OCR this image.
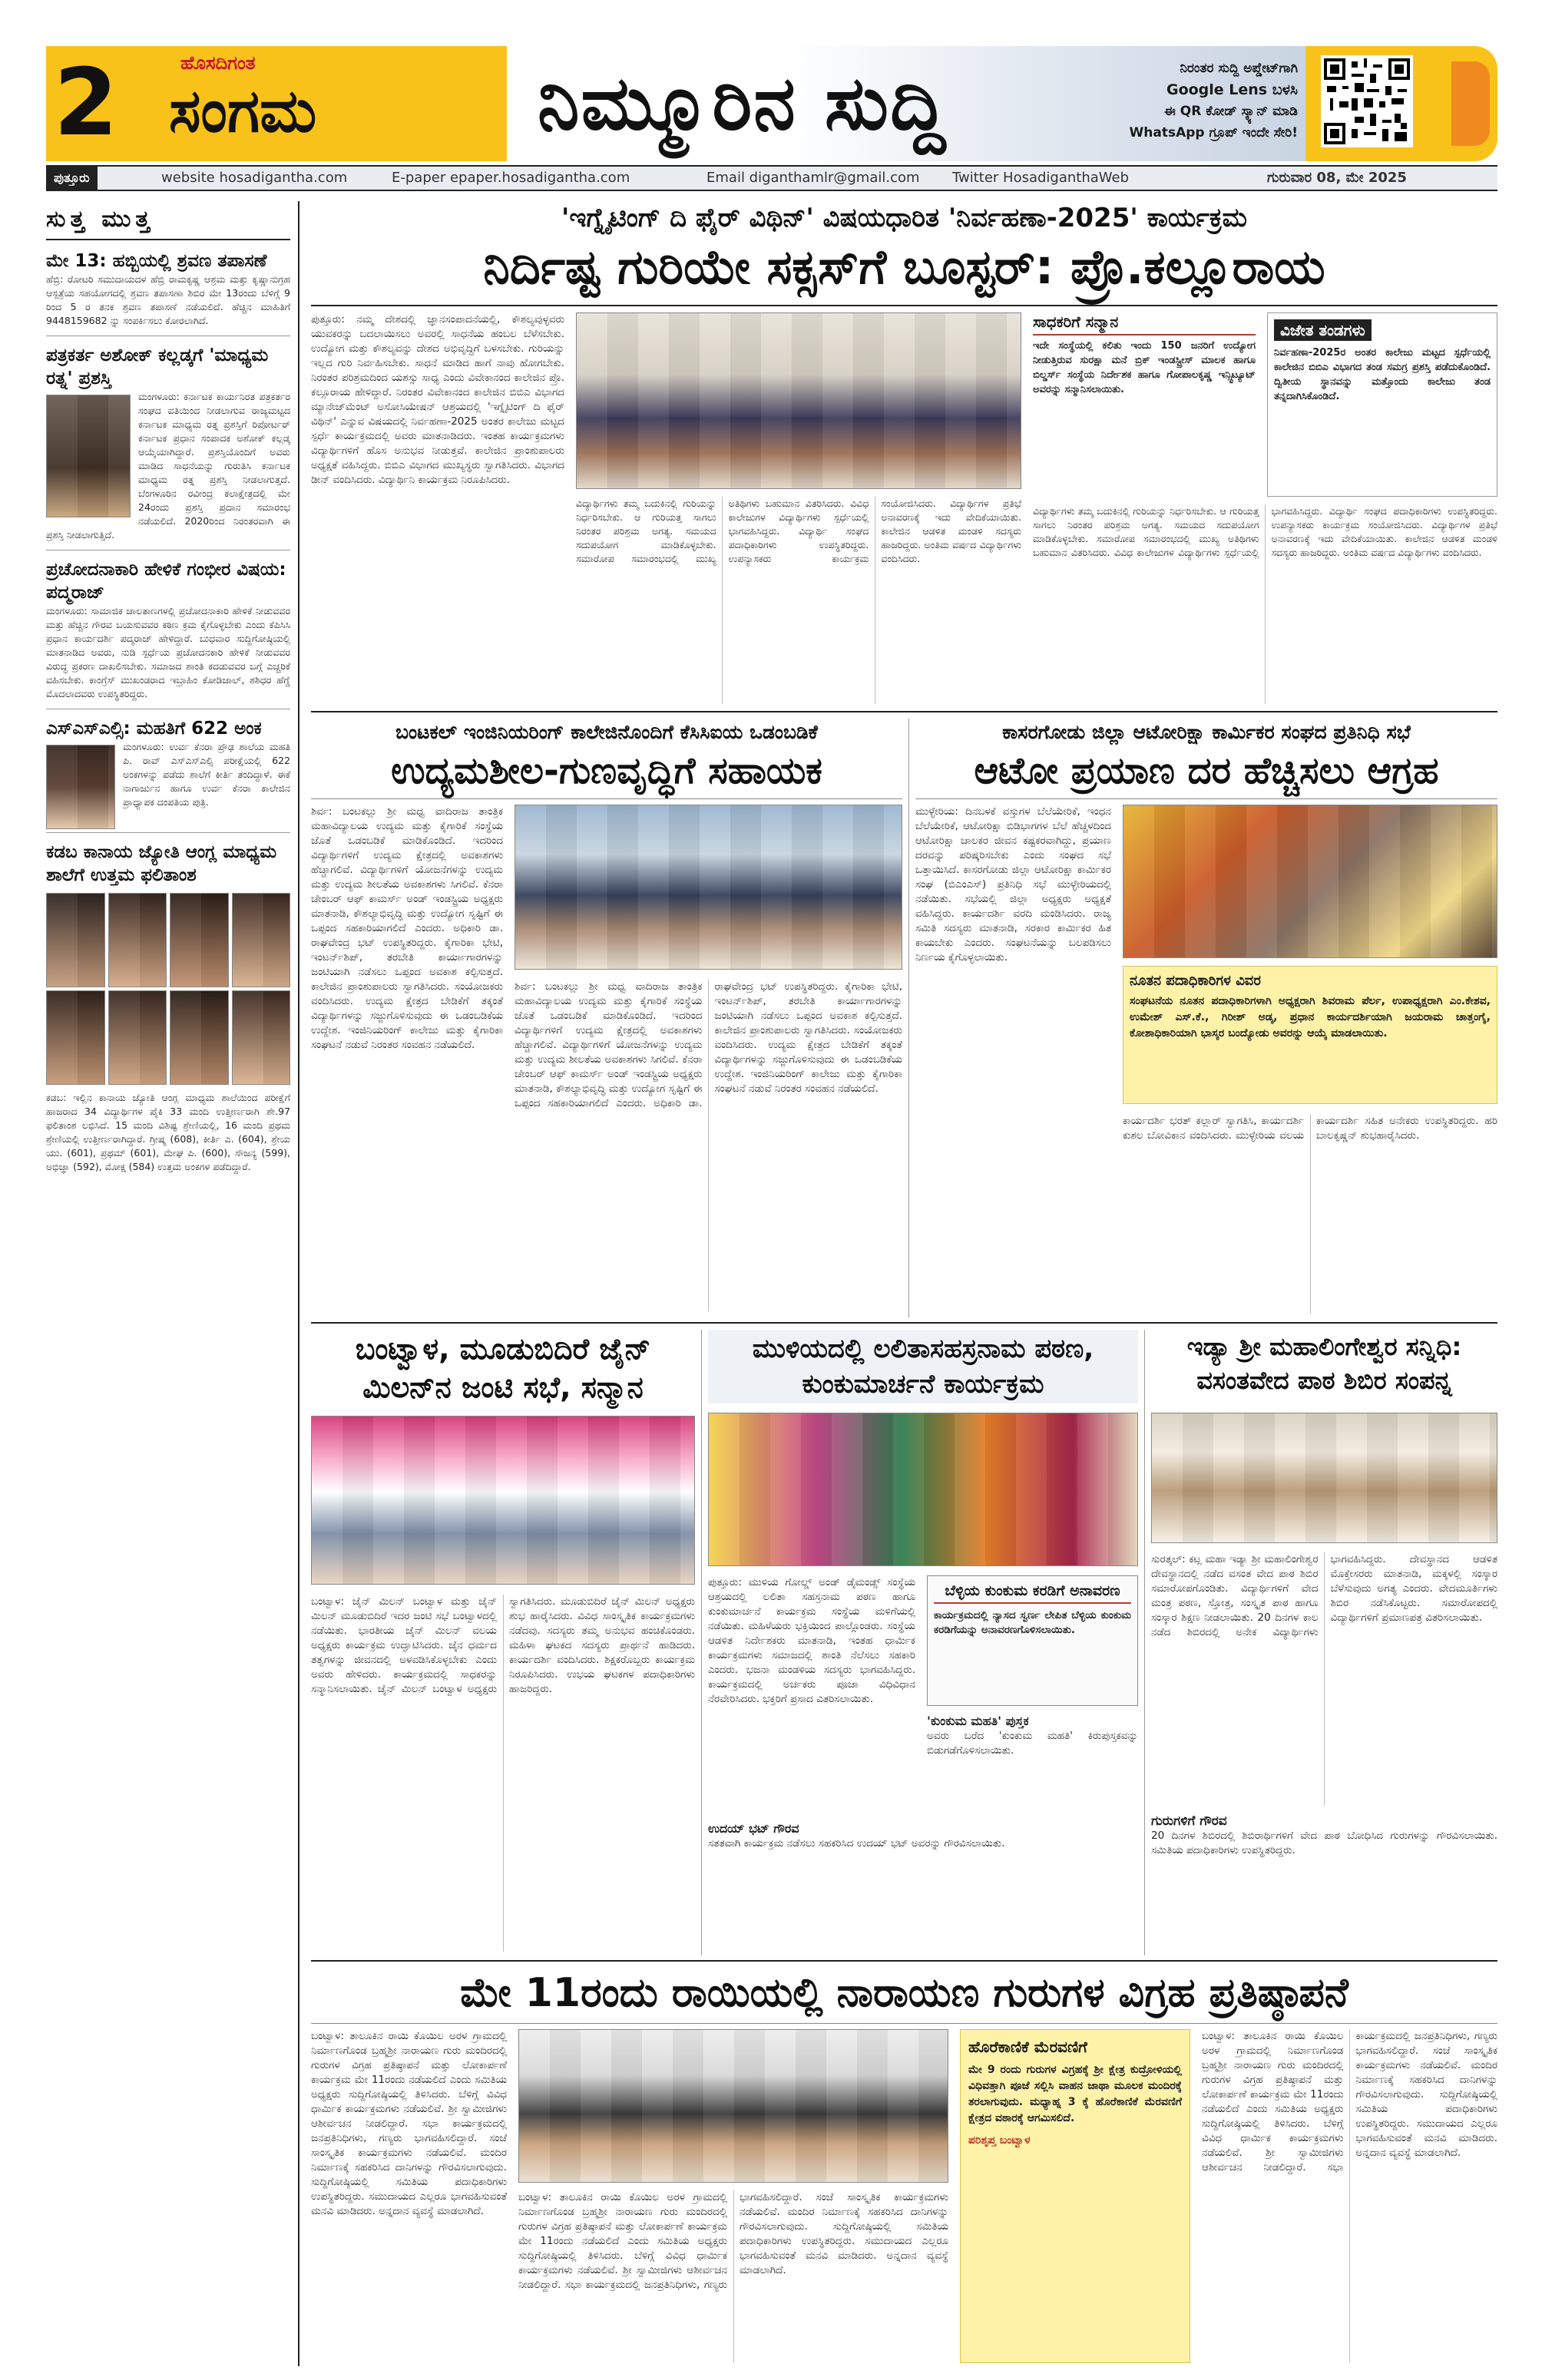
2	ಹೊಸದಿಗಂತ
ಸಂಗಮ	ನಿಮ್ಮೂರಿನ ಸುದ್ದಿ	ನಿರಂತರ ಸುದ್ದಿ ಅಪ್ಡೇಟ್‌ಗಾಗಿ
Google Lens ಬಳಸಿ
ಈ QR ಕೋಡ್ ಸ್ಕ್ಯಾನ್ ಮಾಡಿ
WhatsApp ಗ್ರೂಪ್ ಇಂದೇ ಸೇರಿ!
ಪುತ್ತೂರು	website hosadigantha.com	E-paper epaper.hosadigantha.com	Email diganthamlr@gmail.com Twitter HosadiganthaWeb	ಗುರುವಾರ 08, ಮೇ 2025
ಸುತ್ತ ಮುತ್ತ
ಮೇ 13: ಹಬ್ಬಿಯಲ್ಲಿ ಶ್ರವಣ ತಪಾಸಣೆ

ಹೆಬ್ರಿ: ರೋಟರಿ ಸಮುದಾಯದಳ ಹೆಬ್ರಿ ರಾಮಕೃಷ್ಣ ಆಶ್ರಮ ಮತ್ತು ಕೃಷ್ಣಾನುಗ್ರಹ ಆಸ್ಪತ್ರೆಯ ಸಹಯೋಗದಲ್ಲಿ ಶ್ರವಣ ತಪಾಸಣಾ ಶಿಬಿರ ಮೇ 13ರಂದು ಬೆಳಿಗ್ಗೆ 9 ರಿಂದ 5 ರ ತನಕ ಶ್ರವಣ ತಪಾಸಣೆ ನಡೆಯಲಿದೆ. ಹೆಚ್ಚಿನ ಮಾಹಿತಿಗೆ 9448159682 ನ್ನು ಸಂಪರ್ಕಿಸಲು ಕೋರಲಾಗಿದೆ.

ಪತ್ರಕರ್ತ ಅಶೋಕ್ ಕಲ್ಲಡ್ಕಗೆ 'ಮಾಧ್ಯಮ ರತ್ನ' ಪ್ರಶಸ್ತಿ

ಮಂಗಳೂರು: ಕರ್ನಾಟಕ ಕಾರ್ಯನಿರತ ಪತ್ರಕರ್ತರ ಸಂಘದ ವತಿಯಿಂದ ನೀಡಲಾಗುವ ರಾಜ್ಯಮಟ್ಟದ ಕರ್ನಾಟಕ ಮಾಧ್ಯಮ ರತ್ನ ಪ್ರಶಸ್ತಿಗೆ ರಿಪೋರ್ಟರ್ ಕರ್ನಾಟಕ ಪ್ರಧಾನ ಸಂಪಾದಕ ಅಶೋಕ್ ಕಲ್ಲಡ್ಕ ಆಯ್ಕೆಯಾಗಿದ್ದಾರೆ. ಪ್ರಶಸ್ತಿಯೊಂದಿಗೆ ಅವರು ಮಾಡಿದ ಸಾಧನೆಯನ್ನು ಗುರುತಿಸಿ ಕರ್ನಾಟಕ ಮಾಧ್ಯಮ ರತ್ನ ಪ್ರಶಸ್ತಿ ನೀಡಲಾಗುತ್ತದೆ. ಬೆಂಗಳೂರಿನ ರವೀಂದ್ರ ಕಲಾಕ್ಷೇತ್ರದಲ್ಲಿ ಮೇ 24ರಂದು ಪ್ರಶಸ್ತಿ ಪ್ರದಾನ ಸಮಾರಂಭ ನಡೆಯಲಿದೆ. 2020ರಿಂದ ನಿರಂತರವಾಗಿ ಈ ಪ್ರಶಸ್ತಿ ನೀಡಲಾಗುತ್ತಿದೆ.

ಪ್ರಚೋದನಾಕಾರಿ ಹೇಳಿಕೆ ಗಂಭೀರ ವಿಷಯ: ಪದ್ಮರಾಜ್

ಮಂಗಳೂರು: ಸಾಮಾಜಿಕ ಜಾಲತಾಣಗಳಲ್ಲಿ ಪ್ರಚೋದನಾಕಾರಿ ಹೇಳಿಕೆ ನೀಡುವವರ ಮತ್ತು ಹೆಚ್ಚಿನ ಗೌರವ ಬಯಸುವವರ ಕಠಿಣ ಕ್ರಮ ಕೈಗೊಳ್ಳಬೇಕು ಎಂದು ಕೆಪಿಸಿಸಿ ಪ್ರಧಾನ ಕಾರ್ಯದರ್ಶಿ ಪದ್ಮರಾಜ್ ಹೇಳಿದ್ದಾರೆ. ಬುಧವಾರ ಸುದ್ದಿಗೋಷ್ಠಿಯಲ್ಲಿ ಮಾತನಾಡಿದ ಅವರು, ನುಡಿ ಸ್ಪರ್ಧೆಯ ಪ್ರಚೋದನಕಾರಿ ಹೇಳಿಕೆ ನೀಡುವವರ ವಿರುದ್ಧ ಪ್ರಕರಣ ದಾಖಲಿಸಬೇಕು. ಸಮಾಜದ ಶಾಂತಿ ಕದಡುವವರ ಬಗ್ಗೆ ಎಚ್ಚರಿಕೆ ವಹಿಸಬೇಕು. ಕಾಂಗ್ರೆಸ್ ಮುಖಂಡರಾದ ಇಬ್ರಾಹಿಂ ಕೋಡಿಜಾಲ್, ಶಶಿಧರ ಹೆಗ್ಡೆ ಮೊದಲಾದವರು ಉಪಸ್ಥಿತರಿದ್ದರು.

ಎಸ್ಎಸ್ಎಲ್ಸಿ: ಮಹತಿಗೆ 622 ಅಂಕ

ಮಂಗಳೂರು: ಉರ್ವ ಕೆನರಾ ಪ್ರೌಢ ಶಾಲೆಯ ಮಹತಿ ಪಿ. ರಾವ್ ಎಸ್ಎಸ್ಎಲ್ಸಿ ಪರೀಕ್ಷೆಯಲ್ಲಿ 622 ಅಂಕಗಳನ್ನು ಪಡೆದು ಶಾಲೆಗೆ ಕೀರ್ತಿ ತಂದಿದ್ದಾಳೆ. ಈಕೆ ನಾಗಾರ್ಜುನ ಹಾಗೂ ಉರ್ವ ಕೆನರಾ ಕಾಲೇಜಿನ ಪ್ರಾಧ್ಯಾಪಕ ದಂಪತಿಯ ಪುತ್ರಿ.

ಕಡಬ ಕಾನಾಯ ಜ್ಯೋತಿ ಆಂಗ್ಲ ಮಾಧ್ಯಮ ಶಾಲೆಗೆ ಉತ್ತಮ ಫಲಿತಾಂಶ

ಕಡಬ: ಇಲ್ಲಿನ ಕಾನಾಯ ಜ್ಯೋತಿ ಆಂಗ್ಲ ಮಾಧ್ಯಮ ಶಾಲೆಯಿಂದ ಪರೀಕ್ಷೆಗೆ ಹಾಜರಾದ 34 ವಿದ್ಯಾರ್ಥಿಗಳ ಪೈಕಿ 33 ಮಂದಿ ಉತ್ತೀರ್ಣರಾಗಿ ಶೇ.97 ಫಲಿತಾಂಶ ಲಭಿಸಿದೆ. 15 ಮಂದಿ ವಿಶಿಷ್ಟ ಶ್ರೇಣಿಯಲ್ಲಿ, 16 ಮಂದಿ ಪ್ರಥಮ ಶ್ರೇಣಿಯಲ್ಲಿ ಉತ್ತೀರ್ಣರಾಗಿದ್ದಾರೆ. ಗ್ರೀಷ್ಮ (608), ಕೀರ್ತಿ ಎ. (604), ಶ್ರೇಯ ಯು. (601), ಪ್ರಥಮ್ (601), ಮೇಘ ಪಿ. (600), ಸೌಜನ್ಯ (599), ಅಭಿಜ್ಞಾ (592), ಮೋಕ್ಷ (584) ಉತ್ತಮ ಅಂಕಗಳ ಪಡೆದಿದ್ದಾರೆ.

'ಇಗ್ನೈಟಿಂಗ್ ದಿ ಫೈರ್ ವಿಥಿನ್' ವಿಷಯಧಾರಿತ 'ನಿರ್ವಹಣಾ-2025' ಕಾರ್ಯಕ್ರಮ
ನಿರ್ದಿಷ್ಟ ಗುರಿಯೇ ಸಕ್ಸಸ್‌ಗೆ ಬೂಸ್ಟರ್: ಪ್ರೊ.ಕಲ್ಲೂರಾಯ

ಪುತ್ತೂರು: ನಮ್ಮ ದೇಶದಲ್ಲಿ ಜ್ಞಾನಸಂಪಾದನೆಯಲ್ಲಿ, ಕೌಶಲ್ಯವುಳ್ಳವರು ಯುವಕರನ್ನು ಬದಲಾಯಿಸಲು ಅವರಲ್ಲಿ ಸಾಧನೆಯ ಹಂಬಲ ಬೆಳೆಸಬೇಕು. ಉದ್ಯೋಗ ಮತ್ತು ಕೌಶಲ್ಯವನ್ನು ದೇಶದ ಅಭಿವೃದ್ಧಿಗೆ ಬಳಸಬೇಕು. ಗುರಿಯನ್ನು ಇಲ್ಲದ ಗುರಿ ನಿರ್ವಹಿಸಬೇಕು. ಸಾಧನೆ ಮಾಡಿದ ಹಾಗೆ ನಾವು ಹೋಗಬೇಕು. ನಿರಂತರ ಪರಿಶ್ರಮದಿಂದ ಯಶಸ್ಸು ಸಾಧ್ಯ ಎಂದು ವಿವೇಕಾನಂದ ಕಾಲೇಜಿನ ಪ್ರೊ. ಕಲ್ಲೂರಾಯ ಹೇಳಿದ್ದಾರೆ. ನಿರಂತರ ವಿವೇಕಾನಂದ ಕಾಲೇಜಿನ ಬಿಬಿಎ ವಿಭಾಗದ ಮ್ಯಾನೇಜ್‌ಮೆಂಟ್ ಅಸೋಸಿಯೇಷನ್ ಆಶ್ರಯದಲ್ಲಿ 'ಇಗ್ನೈಟಿಂಗ್ ದಿ ಫೈರ್ ವಿಥಿನ್' ಎನ್ನುವ ವಿಷಯದಲ್ಲಿ ನಿರ್ವಹಣಾ-2025 ಅಂತರ ಕಾಲೇಜು ಮಟ್ಟದ ಸ್ಪರ್ಧೆ ಕಾರ್ಯಕ್ರಮದಲ್ಲಿ ಅವರು ಮಾತನಾಡಿದರು. ಇಂತಹ ಕಾರ್ಯಕ್ರಮಗಳು ವಿದ್ಯಾರ್ಥಿಗಳಿಗೆ ಹೊಸ ಅನುಭವ ನೀಡುತ್ತವೆ. ಕಾಲೇಜಿನ ಪ್ರಾಂಶುಪಾಲರು ಅಧ್ಯಕ್ಷತೆ ವಹಿಸಿದ್ದರು. ಬಿಬಿಎ ವಿಭಾಗದ ಮುಖ್ಯಸ್ಥರು ಸ್ವಾಗತಿಸಿದರು. ವಿಭಾಗದ ಡೀನ್ ವಂದಿಸಿದರು. ವಿದ್ಯಾರ್ಥಿನಿ ಕಾರ್ಯಕ್ರಮ ನಿರೂಪಿಸಿದರು.

ವಿದ್ಯಾರ್ಥಿಗಳು ತಮ್ಮ ಬದುಕಿನಲ್ಲಿ ಗುರಿಯನ್ನು ನಿರ್ಧರಿಸಬೇಕು. ಆ ಗುರಿಯತ್ತ ಸಾಗಲು ನಿರಂತರ ಪರಿಶ್ರಮ ಅಗತ್ಯ. ಸಮಯದ ಸದುಪಯೋಗ ಮಾಡಿಕೊಳ್ಳಬೇಕು. ಸಮಾರೋಪ ಸಮಾರಂಭದಲ್ಲಿ ಮುಖ್ಯ ಅತಿಥಿಗಳು ಬಹುಮಾನ ವಿತರಿಸಿದರು. ವಿವಿಧ ಕಾಲೇಜುಗಳ ವಿದ್ಯಾರ್ಥಿಗಳು ಸ್ಪರ್ಧೆಯಲ್ಲಿ ಭಾಗವಹಿಸಿದ್ದರು. ವಿದ್ಯಾರ್ಥಿ ಸಂಘದ ಪದಾಧಿಕಾರಿಗಳು ಉಪಸ್ಥಿತರಿದ್ದರು. ಉಪನ್ಯಾಸಕರು ಕಾರ್ಯಕ್ರಮ ಸಂಯೋಜಿಸಿದರು. ವಿದ್ಯಾರ್ಥಿಗಳ ಪ್ರತಿಭೆ ಅನಾವರಣಕ್ಕೆ ಇದು ವೇದಿಕೆಯಾಯಿತು. ಕಾಲೇಜಿನ ಆಡಳಿತ ಮಂಡಳಿ ಸದಸ್ಯರು ಹಾಜರಿದ್ದರು. ಅಂತಿಮ ವರ್ಷದ ವಿದ್ಯಾರ್ಥಿಗಳು ವಂದಿಸಿದರು.

ಸಾಧಕರಿಗೆ ಸನ್ಮಾನ

ಇದೇ ಸಂಸ್ಥೆಯಲ್ಲಿ ಕಲಿತು ಇಂದು 150 ಜನರಿಗೆ ಉದ್ಯೋಗ ನೀಡುತ್ತಿರುವ ಸುರಕ್ಷಾ ಮನೆ ಬ್ರಿಕ್ ಇಂಡಸ್ಟ್ರೀಸ್ ಮಾಲಕ ಹಾಗೂ ಬಿಲ್ಡರ್ಸ್ ಸಂಸ್ಥೆಯ ನಿರ್ದೇಶಕ ಹಾಗೂ ಗೋಪಾಲಕೃಷ್ಣ ಇನ್ಸ್ಟಿಟ್ಯೂಟ್ ಅವರನ್ನು ಸನ್ಮಾನಿಸಲಾಯಿತು.

ವಿಜೇತ ತಂಡಗಳು

ನಿರ್ವಹಣಾ-2025ರ ಅಂತರ ಕಾಲೇಜು ಮಟ್ಟದ ಸ್ಪರ್ಧೆಯಲ್ಲಿ ಕಾಲೇಜಿನ ಬಿಬಿಎ ವಿಭಾಗದ ತಂಡ ಸಮಗ್ರ ಪ್ರಶಸ್ತಿ ಪಡೆದುಕೊಂಡಿದೆ. ದ್ವಿತೀಯ ಸ್ಥಾನವನ್ನು ಮತ್ತೊಂದು ಕಾಲೇಜು ತಂಡ ತನ್ನದಾಗಿಸಿಕೊಂಡಿದೆ.

ವಿದ್ಯಾರ್ಥಿಗಳು ತಮ್ಮ ಬದುಕಿನಲ್ಲಿ ಗುರಿಯನ್ನು ನಿರ್ಧರಿಸಬೇಕು. ಆ ಗುರಿಯತ್ತ ಸಾಗಲು ನಿರಂತರ ಪರಿಶ್ರಮ ಅಗತ್ಯ. ಸಮಯದ ಸದುಪಯೋಗ ಮಾಡಿಕೊಳ್ಳಬೇಕು. ಸಮಾರೋಪ ಸಮಾರಂಭದಲ್ಲಿ ಮುಖ್ಯ ಅತಿಥಿಗಳು ಬಹುಮಾನ ವಿತರಿಸಿದರು. ವಿವಿಧ ಕಾಲೇಜುಗಳ ವಿದ್ಯಾರ್ಥಿಗಳು ಸ್ಪರ್ಧೆಯಲ್ಲಿ ಭಾಗವಹಿಸಿದ್ದರು. ವಿದ್ಯಾರ್ಥಿ ಸಂಘದ ಪದಾಧಿಕಾರಿಗಳು ಉಪಸ್ಥಿತರಿದ್ದರು. ಉಪನ್ಯಾಸಕರು ಕಾರ್ಯಕ್ರಮ ಸಂಯೋಜಿಸಿದರು. ವಿದ್ಯಾರ್ಥಿಗಳ ಪ್ರತಿಭೆ ಅನಾವರಣಕ್ಕೆ ಇದು ವೇದಿಕೆಯಾಯಿತು. ಕಾಲೇಜಿನ ಆಡಳಿತ ಮಂಡಳಿ ಸದಸ್ಯರು ಹಾಜರಿದ್ದರು. ಅಂತಿಮ ವರ್ಷದ ವಿದ್ಯಾರ್ಥಿಗಳು ವಂದಿಸಿದರು.

ಬಂಟಕಲ್ ಇಂಜಿನಿಯರಿಂಗ್ ಕಾಲೇಜಿನೊಂದಿಗೆ ಕೆಸಿಸಿಐಯ ಒಡಂಬಡಿಕೆ
ಉದ್ಯಮಶೀಲ-ಗುಣವೃದ್ಧಿಗೆ ಸಹಾಯಕ

ಶಿರ್ವ: ಬಂಟಕಲ್ಲು ಶ್ರೀ ಮಧ್ವ ವಾದಿರಾಜ ತಾಂತ್ರಿಕ ಮಹಾವಿದ್ಯಾಲಯ ಉದ್ಯಮ ಮತ್ತು ಕೈಗಾರಿಕೆ ಸಂಸ್ಥೆಯ ಜೊತೆ ಒಡಂಬಡಿಕೆ ಮಾಡಿಕೊಂಡಿದೆ. ಇದರಿಂದ ವಿದ್ಯಾರ್ಥಿಗಳಿಗೆ ಉದ್ಯಮ ಕ್ಷೇತ್ರದಲ್ಲಿ ಅವಕಾಶಗಳು ಹೆಚ್ಚಾಗಲಿವೆ. ವಿದ್ಯಾರ್ಥಿಗಳಿಗೆ ಯೋಜನೆಗಳನ್ನು ಉದ್ಯಮ ಮತ್ತು ಉದ್ಯಮ ಶೀಲತೆಯ ಅವಕಾಶಗಳು ಸಿಗಲಿವೆ. ಕೆನರಾ ಚೇಂಬರ್ ಆಫ್ ಕಾಮರ್ಸ್ ಅಂಡ್ ಇಂಡಸ್ಟ್ರಿಯ ಅಧ್ಯಕ್ಷರು ಮಾತನಾಡಿ, ಕೌಶಲ್ಯಾಭಿವೃದ್ಧಿ ಮತ್ತು ಉದ್ಯೋಗ ಸೃಷ್ಟಿಗೆ ಈ ಒಪ್ಪಂದ ಸಹಕಾರಿಯಾಗಲಿದೆ ಎಂದರು. ಅಧಿಕಾರಿ ಡಾ. ರಾಘವೇಂದ್ರ ಭಟ್ ಉಪಸ್ಥಿತರಿದ್ದರು. ಕೈಗಾರಿಕಾ ಭೇಟಿ, ಇಂಟರ್ನ್‌ಶಿಪ್, ತರಬೇತಿ ಕಾರ್ಯಾಗಾರಗಳನ್ನು ಜಂಟಿಯಾಗಿ ನಡೆಸಲು ಒಪ್ಪಂದ ಅವಕಾಶ ಕಲ್ಪಿಸುತ್ತದೆ. ಕಾಲೇಜಿನ ಪ್ರಾಂಶುಪಾಲರು ಸ್ವಾಗತಿಸಿದರು. ಸಂಯೋಜಕರು ವಂದಿಸಿದರು. ಉದ್ಯಮ ಕ್ಷೇತ್ರದ ಬೇಡಿಕೆಗೆ ತಕ್ಕಂತೆ ವಿದ್ಯಾರ್ಥಿಗಳನ್ನು ಸಜ್ಜುಗೊಳಿಸುವುದು ಈ ಒಡಂಬಡಿಕೆಯ ಉದ್ದೇಶ. ಇಂಜಿನಿಯರಿಂಗ್ ಕಾಲೇಜು ಮತ್ತು ಕೈಗಾರಿಕಾ ಸಂಘಟನೆ ನಡುವೆ ನಿರಂತರ ಸಂವಹನ ನಡೆಯಲಿದೆ.

ಶಿರ್ವ: ಬಂಟಕಲ್ಲು ಶ್ರೀ ಮಧ್ವ ವಾದಿರಾಜ ತಾಂತ್ರಿಕ ಮಹಾವಿದ್ಯಾಲಯ ಉದ್ಯಮ ಮತ್ತು ಕೈಗಾರಿಕೆ ಸಂಸ್ಥೆಯ ಜೊತೆ ಒಡಂಬಡಿಕೆ ಮಾಡಿಕೊಂಡಿದೆ. ಇದರಿಂದ ವಿದ್ಯಾರ್ಥಿಗಳಿಗೆ ಉದ್ಯಮ ಕ್ಷೇತ್ರದಲ್ಲಿ ಅವಕಾಶಗಳು ಹೆಚ್ಚಾಗಲಿವೆ. ವಿದ್ಯಾರ್ಥಿಗಳಿಗೆ ಯೋಜನೆಗಳನ್ನು ಉದ್ಯಮ ಮತ್ತು ಉದ್ಯಮ ಶೀಲತೆಯ ಅವಕಾಶಗಳು ಸಿಗಲಿವೆ. ಕೆನರಾ ಚೇಂಬರ್ ಆಫ್ ಕಾಮರ್ಸ್ ಅಂಡ್ ಇಂಡಸ್ಟ್ರಿಯ ಅಧ್ಯಕ್ಷರು ಮಾತನಾಡಿ, ಕೌಶಲ್ಯಾಭಿವೃದ್ಧಿ ಮತ್ತು ಉದ್ಯೋಗ ಸೃಷ್ಟಿಗೆ ಈ ಒಪ್ಪಂದ ಸಹಕಾರಿಯಾಗಲಿದೆ ಎಂದರು. ಅಧಿಕಾರಿ ಡಾ. ರಾಘವೇಂದ್ರ ಭಟ್ ಉಪಸ್ಥಿತರಿದ್ದರು. ಕೈಗಾರಿಕಾ ಭೇಟಿ, ಇಂಟರ್ನ್‌ಶಿಪ್, ತರಬೇತಿ ಕಾರ್ಯಾಗಾರಗಳನ್ನು ಜಂಟಿಯಾಗಿ ನಡೆಸಲು ಒಪ್ಪಂದ ಅವಕಾಶ ಕಲ್ಪಿಸುತ್ತದೆ. ಕಾಲೇಜಿನ ಪ್ರಾಂಶುಪಾಲರು ಸ್ವಾಗತಿಸಿದರು. ಸಂಯೋಜಕರು ವಂದಿಸಿದರು. ಉದ್ಯಮ ಕ್ಷೇತ್ರದ ಬೇಡಿಕೆಗೆ ತಕ್ಕಂತೆ ವಿದ್ಯಾರ್ಥಿಗಳನ್ನು ಸಜ್ಜುಗೊಳಿಸುವುದು ಈ ಒಡಂಬಡಿಕೆಯ ಉದ್ದೇಶ. ಇಂಜಿನಿಯರಿಂಗ್ ಕಾಲೇಜು ಮತ್ತು ಕೈಗಾರಿಕಾ ಸಂಘಟನೆ ನಡುವೆ ನಿರಂತರ ಸಂವಹನ ನಡೆಯಲಿದೆ.

ಕಾಸರಗೋಡು ಜಿಲ್ಲಾ ಆಟೋರಿಕ್ಷಾ ಕಾರ್ಮಿಕರ ಸಂಘದ ಪ್ರತಿನಿಧಿ ಸಭೆ
ಆಟೋ ಪ್ರಯಾಣ ದರ ಹೆಚ್ಚಿಸಲು ಆಗ್ರಹ

ಮುಳ್ಳೇರಿಯ: ದಿನಬಳಕೆ ವಸ್ತುಗಳ ಬೆಲೆಯೇರಿಕೆ, ಇಂಧನ ಬೆಲೆಯೇರಿಕೆ, ಆಟೋರಿಕ್ಷಾ ಬಿಡಿಭಾಗಗಳ ಬೆಲೆ ಹೆಚ್ಚಳದಿಂದ ಆಟೋರಿಕ್ಷಾ ಚಾಲಕರ ಜೀವನ ಕಷ್ಟಕರವಾಗಿದ್ದು, ಪ್ರಯಾಣ ದರವನ್ನು ಪರಿಷ್ಕರಿಸಬೇಕು ಎಂದು ಸಂಘದ ಸಭೆ ಒತ್ತಾಯಿಸಿದೆ. ಕಾಸರಗೋಡು ಜಿಲ್ಲಾ ಆಟೋರಿಕ್ಷಾ ಕಾರ್ಮಿಕರ ಸಂಘ (ಬಿಎಂಎಸ್) ಪ್ರತಿನಿಧಿ ಸಭೆ ಮುಳ್ಳೇರಿಯದಲ್ಲಿ ನಡೆಯಿತು. ಸಭೆಯಲ್ಲಿ ಜಿಲ್ಲಾ ಅಧ್ಯಕ್ಷರು ಅಧ್ಯಕ್ಷತೆ ವಹಿಸಿದ್ದರು. ಕಾರ್ಯದರ್ಶಿ ವರದಿ ಮಂಡಿಸಿದರು. ರಾಜ್ಯ ಸಮಿತಿ ಸದಸ್ಯರು ಮಾತನಾಡಿ, ಸರಕಾರ ಕಾರ್ಮಿಕರ ಹಿತ ಕಾಯಬೇಕು ಎಂದರು. ಸಂಘಟನೆಯನ್ನು ಬಲಪಡಿಸಲು ನಿರ್ಣಯ ಕೈಗೊಳ್ಳಲಾಯಿತು.

ನೂತನ ಪದಾಧಿಕಾರಿಗಳ ವಿವರ

ಸಂಘಟನೆಯ ನೂತನ ಪದಾಧಿಕಾರಿಗಳಾಗಿ ಅಧ್ಯಕ್ಷರಾಗಿ ಶಿವರಾಮ ಪೆರ್ಲ, ಉಪಾಧ್ಯಕ್ಷರಾಗಿ ಎಂ.ಕೇಶವ, ಉಮೇಶ್ ಎಸ್.ಕೆ., ಗಿರೀಶ್ ಅಡ್ಕ, ಪ್ರಧಾನ ಕಾರ್ಯದರ್ಶಿಯಾಗಿ ಜಯರಾಮ ಚಾತ್ತಂಗೈ, ಕೋಶಾಧಿಕಾರಿಯಾಗಿ ಭಾಸ್ಕರ ಬಂದ್ಯೋಡು ಅವರನ್ನು ಆಯ್ಕೆ ಮಾಡಲಾಯಿತು.

ಕಾರ್ಯದರ್ಶಿ ಭರತ್ ಕಲ್ಲಾರ್ ಸ್ವಾಗತಿಸಿ, ಕಾರ್ಯದರ್ಶಿ ಕುಶಲ ಬೋವಿಕಾನ ವಂದಿಸಿದರು. ಮುಳ್ಳೇರಿಯ ವಲಯ ಕಾರ್ಯದರ್ಶಿ ಸಹಿತ ಅನೇಕರು ಉಪಸ್ಥಿತರಿದ್ದರು. ಹರಿ ಬಾಲಕೃಷ್ಣನ್ ಶುಭಹಾರೈಸಿದರು.

ಬಂಟ್ವಾಳ, ಮೂಡುಬಿದಿರೆ ಜೈನ್ ಮಿಲನ್‌ನ ಜಂಟಿ ಸಭೆ, ಸನ್ಮಾನ

ಬಂಟ್ವಾಳ: ಜೈನ್ ಮಿಲನ್ ಬಂಟ್ವಾಳ ಮತ್ತು ಜೈನ್ ಮಿಲನ್ ಮೂಡುಬಿದಿರೆ ಇದರ ಜಂಟಿ ಸಭೆ ಬಂಟ್ವಾಳದಲ್ಲಿ ನಡೆಯಿತು. ಭಾರತೀಯ ಜೈನ್ ಮಿಲನ್ ವಲಯ ಅಧ್ಯಕ್ಷರು ಕಾರ್ಯಕ್ರಮ ಉದ್ಘಾಟಿಸಿದರು. ಜೈನ ಧರ್ಮದ ತತ್ವಗಳನ್ನು ಜೀವನದಲ್ಲಿ ಅಳವಡಿಸಿಕೊಳ್ಳಬೇಕು ಎಂದು ಅವರು ಹೇಳಿದರು. ಕಾರ್ಯಕ್ರಮದಲ್ಲಿ ಸಾಧಕರನ್ನು ಸನ್ಮಾನಿಸಲಾಯಿತು. ಜೈನ್ ಮಿಲನ್ ಬಂಟ್ವಾಳ ಅಧ್ಯಕ್ಷರು ಸ್ವಾಗತಿಸಿದರು. ಮೂಡುಬಿದಿರೆ ಜೈನ್ ಮಿಲನ್ ಅಧ್ಯಕ್ಷರು ಶುಭ ಹಾರೈಸಿದರು. ವಿವಿಧ ಸಾಂಸ್ಕೃತಿಕ ಕಾರ್ಯಕ್ರಮಗಳು ನಡೆದವು. ಸದಸ್ಯರು ತಮ್ಮ ಅನುಭವ ಹಂಚಿಕೊಂಡರು. ಮಹಿಳಾ ಘಟಕದ ಸದಸ್ಯರು ಪ್ರಾರ್ಥನೆ ಹಾಡಿದರು. ಕಾರ್ಯದರ್ಶಿ ವಂದಿಸಿದರು. ಶಿಕ್ಷಕರೊಬ್ಬರು ಕಾರ್ಯಕ್ರಮ ನಿರೂಪಿಸಿದರು. ಉಭಯ ಘಟಕಗಳ ಪದಾಧಿಕಾರಿಗಳು ಹಾಜರಿದ್ದರು.

ಮುಳಿಯದಲ್ಲಿ ಲಲಿತಾಸಹಸ್ರನಾಮ ಪಠಣ, ಕುಂಕುಮಾರ್ಚನೆ ಕಾರ್ಯಕ್ರಮ

ಪುತ್ತೂರು: ಮುಳಿಯ ಗೋಲ್ಡ್ ಅಂಡ್ ಡೈಮಂಡ್ಸ್ ಸಂಸ್ಥೆಯ ಆಶ್ರಯದಲ್ಲಿ ಲಲಿತಾ ಸಹಸ್ರನಾಮ ಪಠಣ ಹಾಗೂ ಕುಂಕುಮಾರ್ಚನೆ ಕಾರ್ಯಕ್ರಮ ಸಂಸ್ಥೆಯ ಮಳಿಗೆಯಲ್ಲಿ ನಡೆಯಿತು. ಮಹಿಳೆಯರು ಭಕ್ತಿಯಿಂದ ಪಾಲ್ಗೊಂಡರು. ಸಂಸ್ಥೆಯ ಆಡಳಿತ ನಿರ್ದೇಶಕರು ಮಾತನಾಡಿ, ಇಂತಹ ಧಾರ್ಮಿಕ ಕಾರ್ಯಕ್ರಮಗಳು ಸಮಾಜದಲ್ಲಿ ಶಾಂತಿ ನೆಲೆಸಲು ಸಹಕಾರಿ ಎಂದರು. ಭಜನಾ ಮಂಡಳಿಯ ಸದಸ್ಯರು ಭಾಗವಹಿಸಿದ್ದರು. ಕಾರ್ಯಕ್ರಮದಲ್ಲಿ ಅರ್ಚಕರು ಪೂಜಾ ವಿಧಿವಿಧಾನ ನೆರವೇರಿಸಿದರು. ಭಕ್ತರಿಗೆ ಪ್ರಸಾದ ವಿತರಿಸಲಾಯಿತು.

ಬೆಳ್ಳಿಯ ಕುಂಕುಮ ಕರಡಿಗೆ ಅನಾವರಣ

ಕಾರ್ಯಕ್ರಮದಲ್ಲಿ ನ್ಯಾಸದ ಸ್ವರ್ಣ ಲೇಪಿತ ಬೆಳ್ಳಿಯ ಕುಂಕುಮ ಕರಡಿಗೆಯನ್ನು ಅನಾವರಣಗೊಳಿಸಲಾಯಿತು.

'ಕುಂಕುಮ ಮಹತಿ' ಪುಸ್ತಕ

ಅವರು ಬರೆದ 'ಕುಂಕುಮ ಮಹತಿ' ಕಿರುಪುಸ್ತಕವನ್ನು ಬಿಡುಗಡೆಗೊಳಿಸಲಾಯಿತು.

ಉದಯ್ ಭಟ್ ಗೌರವ

ಸತತವಾಗಿ ಕಾರ್ಯಕ್ರಮ ನಡೆಸಲು ಸಹಕರಿಸಿದ ಉದಯ್ ಭಟ್ ಅವರನ್ನು ಗೌರವಿಸಲಾಯಿತು.

ಇಡ್ಯಾ ಶ್ರೀ ಮಹಾಲಿಂಗೇಶ್ವರ ಸನ್ನಿಧಿ: ವಸಂತವೇದ ಪಾಠ ಶಿಬಿರ ಸಂಪನ್ನ

ಸುರತ್ಕಲ್: ಕಟ್ಲ ಮಹಾ ಇಡ್ಯಾ ಶ್ರೀ ಮಹಾಲಿಂಗೇಶ್ವರ ದೇವಸ್ಥಾನದಲ್ಲಿ ನಡೆದ ವಸಂತ ವೇದ ಪಾಠ ಶಿಬಿರ ಸಮಾರೋಪಗೊಂಡಿತು. ವಿದ್ಯಾರ್ಥಿಗಳಿಗೆ ವೇದ ಮಂತ್ರ ಪಠಣ, ಸ್ತೋತ್ರ, ಸಂಸ್ಕೃತ ಪಾಠ ಹಾಗೂ ಸಂಸ್ಕಾರ ಶಿಕ್ಷಣ ನೀಡಲಾಯಿತು. 20 ದಿನಗಳ ಕಾಲ ನಡೆದ ಶಿಬಿರದಲ್ಲಿ ಅನೇಕ ವಿದ್ಯಾರ್ಥಿಗಳು ಭಾಗವಹಿಸಿದ್ದರು. ದೇವಸ್ಥಾನದ ಆಡಳಿತ ಮೊಕ್ತೇಸರರು ಮಾತನಾಡಿ, ಮಕ್ಕಳಲ್ಲಿ ಸಂಸ್ಕಾರ ಬೆಳೆಸುವುದು ಅಗತ್ಯ ಎಂದರು. ವೇದಮೂರ್ತಿಗಳು ಶಿಬಿರ ನಡೆಸಿಕೊಟ್ಟರು. ಸಮಾರೋಪದಲ್ಲಿ ವಿದ್ಯಾರ್ಥಿಗಳಿಗೆ ಪ್ರಮಾಣಪತ್ರ ವಿತರಿಸಲಾಯಿತು.

ಗುರುಗಳಿಗೆ ಗೌರವ

20 ದಿನಗಳ ಶಿಬಿರದಲ್ಲಿ ಶಿಬಿರಾರ್ಥಿಗಳಿಗೆ ವೇದ ಪಾಠ ಬೋಧಿಸಿದ ಗುರುಗಳನ್ನು ಗೌರವಿಸಲಾಯಿತು. ಸಮಿತಿಯ ಪದಾಧಿಕಾರಿಗಳು ಉಪಸ್ಥಿತರಿದ್ದರು.

ಮೇ 11ರಂದು ರಾಯಿಯಲ್ಲಿ ನಾರಾಯಣ ಗುರುಗಳ ವಿಗ್ರಹ ಪ್ರತಿಷ್ಠಾಪನೆ

ಬಂಟ್ವಾಳ: ತಾಲೂಕಿನ ರಾಯಿ ಕೊಯಿಲ ಅರಳ ಗ್ರಾಮದಲ್ಲಿ ನಿರ್ಮಾಣಗೊಂಡ ಬ್ರಹ್ಮಶ್ರೀ ನಾರಾಯಣ ಗುರು ಮಂದಿರದಲ್ಲಿ ಗುರುಗಳ ವಿಗ್ರಹ ಪ್ರತಿಷ್ಠಾಪನೆ ಮತ್ತು ಲೋಕಾರ್ಪಣೆ ಕಾರ್ಯಕ್ರಮ ಮೇ 11ರಂದು ನಡೆಯಲಿದೆ ಎಂದು ಸಮಿತಿಯ ಅಧ್ಯಕ್ಷರು ಸುದ್ದಿಗೋಷ್ಠಿಯಲ್ಲಿ ತಿಳಿಸಿದರು. ಬೆಳಿಗ್ಗೆ ವಿವಿಧ ಧಾರ್ಮಿಕ ಕಾರ್ಯಕ್ರಮಗಳು ನಡೆಯಲಿವೆ. ಶ್ರೀ ಸ್ವಾಮೀಜಿಗಳು ಆಶೀರ್ವಚನ ನೀಡಲಿದ್ದಾರೆ. ಸಭಾ ಕಾರ್ಯಕ್ರಮದಲ್ಲಿ ಜನಪ್ರತಿನಿಧಿಗಳು, ಗಣ್ಯರು ಭಾಗವಹಿಸಲಿದ್ದಾರೆ. ಸಂಜೆ ಸಾಂಸ್ಕೃತಿಕ ಕಾರ್ಯಕ್ರಮಗಳು ನಡೆಯಲಿವೆ. ಮಂದಿರ ನಿರ್ಮಾಣಕ್ಕೆ ಸಹಕರಿಸಿದ ದಾನಿಗಳನ್ನು ಗೌರವಿಸಲಾಗುವುದು. ಸುದ್ದಿಗೋಷ್ಠಿಯಲ್ಲಿ ಸಮಿತಿಯ ಪದಾಧಿಕಾರಿಗಳು ಉಪಸ್ಥಿತರಿದ್ದರು. ಸಮುದಾಯದ ಎಲ್ಲರೂ ಭಾಗವಹಿಸುವಂತೆ ಮನವಿ ಮಾಡಿದರು. ಅನ್ನದಾನ ವ್ಯವಸ್ಥೆ ಮಾಡಲಾಗಿದೆ.

ಬಂಟ್ವಾಳ: ತಾಲೂಕಿನ ರಾಯಿ ಕೊಯಿಲ ಅರಳ ಗ್ರಾಮದಲ್ಲಿ ನಿರ್ಮಾಣಗೊಂಡ ಬ್ರಹ್ಮಶ್ರೀ ನಾರಾಯಣ ಗುರು ಮಂದಿರದಲ್ಲಿ ಗುರುಗಳ ವಿಗ್ರಹ ಪ್ರತಿಷ್ಠಾಪನೆ ಮತ್ತು ಲೋಕಾರ್ಪಣೆ ಕಾರ್ಯಕ್ರಮ ಮೇ 11ರಂದು ನಡೆಯಲಿದೆ ಎಂದು ಸಮಿತಿಯ ಅಧ್ಯಕ್ಷರು ಸುದ್ದಿಗೋಷ್ಠಿಯಲ್ಲಿ ತಿಳಿಸಿದರು. ಬೆಳಿಗ್ಗೆ ವಿವಿಧ ಧಾರ್ಮಿಕ ಕಾರ್ಯಕ್ರಮಗಳು ನಡೆಯಲಿವೆ. ಶ್ರೀ ಸ್ವಾಮೀಜಿಗಳು ಆಶೀರ್ವಚನ ನೀಡಲಿದ್ದಾರೆ. ಸಭಾ ಕಾರ್ಯಕ್ರಮದಲ್ಲಿ ಜನಪ್ರತಿನಿಧಿಗಳು, ಗಣ್ಯರು ಭಾಗವಹಿಸಲಿದ್ದಾರೆ. ಸಂಜೆ ಸಾಂಸ್ಕೃತಿಕ ಕಾರ್ಯಕ್ರಮಗಳು ನಡೆಯಲಿವೆ. ಮಂದಿರ ನಿರ್ಮಾಣಕ್ಕೆ ಸಹಕರಿಸಿದ ದಾನಿಗಳನ್ನು ಗೌರವಿಸಲಾಗುವುದು. ಸುದ್ದಿಗೋಷ್ಠಿಯಲ್ಲಿ ಸಮಿತಿಯ ಪದಾಧಿಕಾರಿಗಳು ಉಪಸ್ಥಿತರಿದ್ದರು. ಸಮುದಾಯದ ಎಲ್ಲರೂ ಭಾಗವಹಿಸುವಂತೆ ಮನವಿ ಮಾಡಿದರು. ಅನ್ನದಾನ ವ್ಯವಸ್ಥೆ ಮಾಡಲಾಗಿದೆ.

ಹೊರೆಕಾಣಿಕೆ ಮೆರವಣಿಗೆ

ಮೇ 9 ರಂದು ಗುರುಗಳ ವಿಗ್ರಹಕ್ಕೆ ಶ್ರೀ ಕ್ಷೇತ್ರ ಕುದ್ರೋಳಿಯಲ್ಲಿ ವಿಧಿವತ್ತಾಗಿ ಪೂಜೆ ಸಲ್ಲಿಸಿ ವಾಹನ ಜಾಥಾ ಮೂಲಕ ಮಂದಿರಕ್ಕೆ ತರಲಾಗುವುದು. ಮಧ್ಯಾಹ್ನ 3 ಕ್ಕೆ ಹೊರೆಕಾಣಿಕೆ ಮೆರವಣಿಗೆ ಕ್ಷೇತ್ರದ ವಠಾರಕ್ಕೆ ಆಗಮಿಸಲಿದೆ.

ಪರಿಶೃಪ್ತ ಬಂಟ್ವಾಳ

ಬಂಟ್ವಾಳ: ತಾಲೂಕಿನ ರಾಯಿ ಕೊಯಿಲ ಅರಳ ಗ್ರಾಮದಲ್ಲಿ ನಿರ್ಮಾಣಗೊಂಡ ಬ್ರಹ್ಮಶ್ರೀ ನಾರಾಯಣ ಗುರು ಮಂದಿರದಲ್ಲಿ ಗುರುಗಳ ವಿಗ್ರಹ ಪ್ರತಿಷ್ಠಾಪನೆ ಮತ್ತು ಲೋಕಾರ್ಪಣೆ ಕಾರ್ಯಕ್ರಮ ಮೇ 11ರಂದು ನಡೆಯಲಿದೆ ಎಂದು ಸಮಿತಿಯ ಅಧ್ಯಕ್ಷರು ಸುದ್ದಿಗೋಷ್ಠಿಯಲ್ಲಿ ತಿಳಿಸಿದರು. ಬೆಳಿಗ್ಗೆ ವಿವಿಧ ಧಾರ್ಮಿಕ ಕಾರ್ಯಕ್ರಮಗಳು ನಡೆಯಲಿವೆ. ಶ್ರೀ ಸ್ವಾಮೀಜಿಗಳು ಆಶೀರ್ವಚನ ನೀಡಲಿದ್ದಾರೆ. ಸಭಾ ಕಾರ್ಯಕ್ರಮದಲ್ಲಿ ಜನಪ್ರತಿನಿಧಿಗಳು, ಗಣ್ಯರು ಭಾಗವಹಿಸಲಿದ್ದಾರೆ. ಸಂಜೆ ಸಾಂಸ್ಕೃತಿಕ ಕಾರ್ಯಕ್ರಮಗಳು ನಡೆಯಲಿವೆ. ಮಂದಿರ ನಿರ್ಮಾಣಕ್ಕೆ ಸಹಕರಿಸಿದ ದಾನಿಗಳನ್ನು ಗೌರವಿಸಲಾಗುವುದು. ಸುದ್ದಿಗೋಷ್ಠಿಯಲ್ಲಿ ಸಮಿತಿಯ ಪದಾಧಿಕಾರಿಗಳು ಉಪಸ್ಥಿತರಿದ್ದರು. ಸಮುದಾಯದ ಎಲ್ಲರೂ ಭಾಗವಹಿಸುವಂತೆ ಮನವಿ ಮಾಡಿದರು. ಅನ್ನದಾನ ವ್ಯವಸ್ಥೆ ಮಾಡಲಾಗಿದೆ.
